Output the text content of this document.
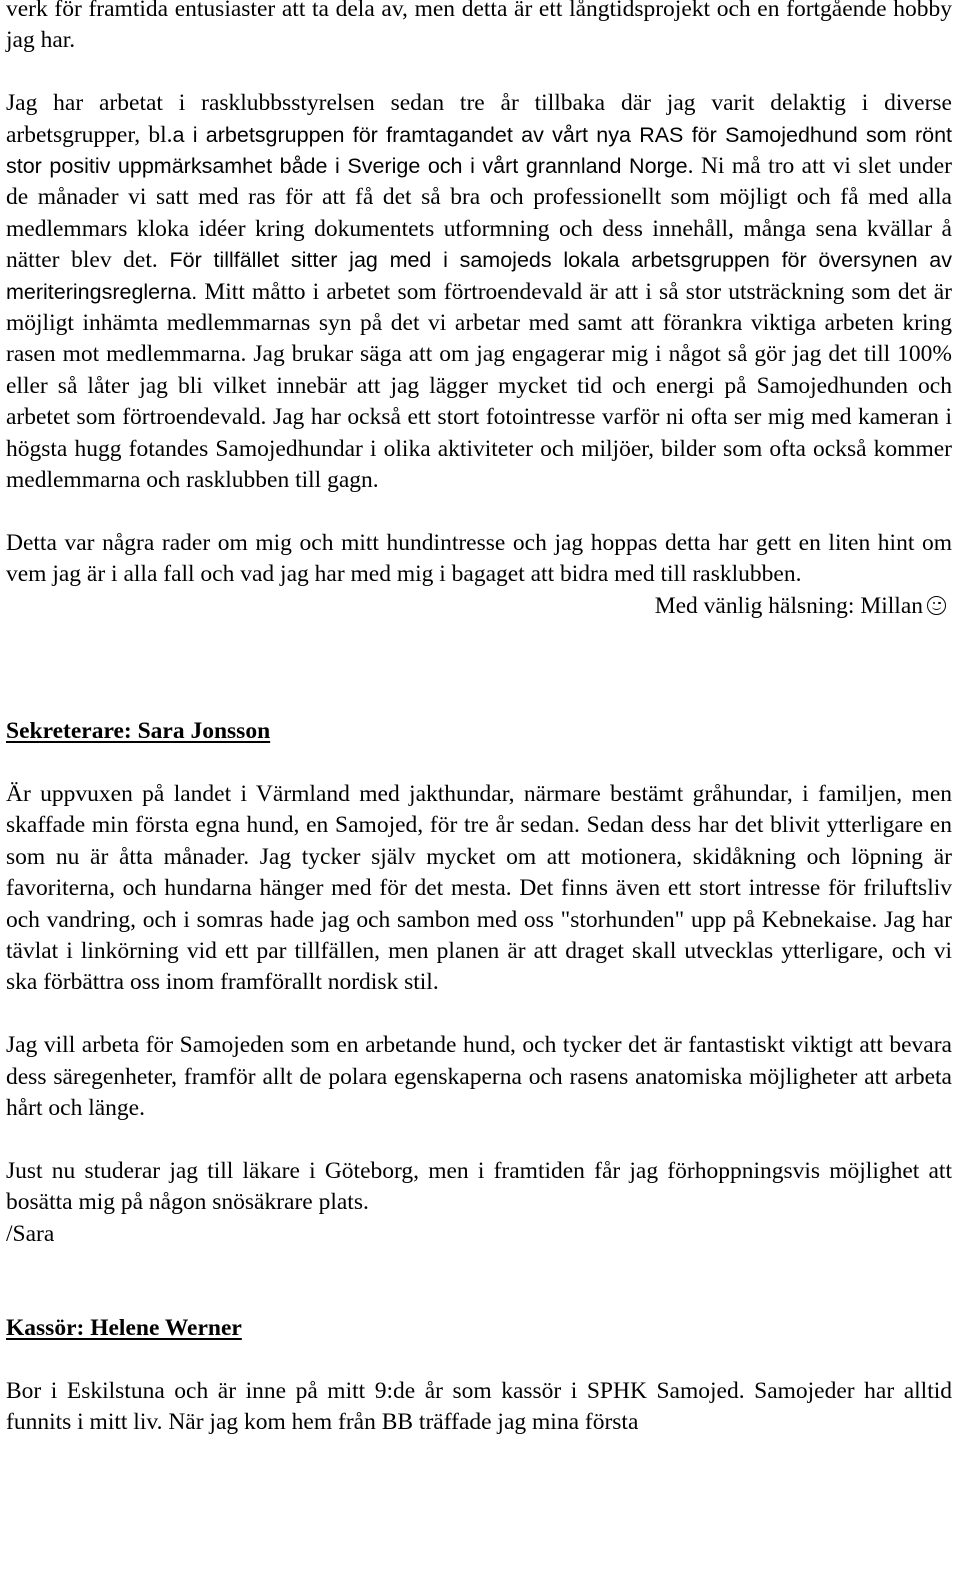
verk för framtida entusiaster att ta dela av, men detta är ett långtidsprojekt och en fortgående hobby jag har.

Jag har arbetat i rasklubbsstyrelsen sedan tre år tillbaka där jag varit delaktig i diverse arbetsgrupper, bl.a i arbetsgruppen för framtagandet av vårt nya RAS för Samojedhund som rönt stor positiv uppmärksamhet både i Sverige och i vårt grannland Norge. Ni må tro att vi slet under de månader vi satt med ras för att få det så bra och professionellt som möjligt och få med alla medlemmars kloka idéer kring dokumentets utformning och dess innehåll, många sena kvällar å nätter blev det. För tillfället sitter jag med i samojeds lokala arbetsgruppen för översynen av meriteringsreglerna. Mitt måtto i arbetet som förtroendevald är att i så stor utsträckning som det är möjligt inhämta medlemmarnas syn på det vi arbetar med samt att förankra viktiga arbeten kring rasen mot medlemmarna. Jag brukar säga att om jag engagerar mig i något så gör jag det till 100% eller så låter jag bli vilket innebär att jag lägger mycket tid och energi på Samojedhunden och arbetet som förtroendevald. Jag har också ett stort fotointresse varför ni ofta ser mig med kameran i högsta hugg fotandes Samojedhundar i olika aktiviteter och miljöer, bilder som ofta också kommer medlemmarna och rasklubben till gagn.

Detta var några rader om mig och mitt hundintresse och jag hoppas detta har gett en liten hint om vem jag är i alla fall och vad jag har med mig i bagaget att bidra med till rasklubben.

Med vänlig hälsning: Millan

Sekreterare: Sara Jonsson

Är uppvuxen på landet i Värmland med jakthundar, närmare bestämt gråhundar, i familjen, men skaffade min första egna hund, en Samojed, för tre år sedan. Sedan dess har det blivit ytterligare en som nu är åtta månader. Jag tycker själv mycket om att motionera, skidåkning och löpning är favoriterna, och hundarna hänger med för det mesta. Det finns även ett stort intresse för friluftsliv och vandring, och i somras hade jag och sambon med oss "storhunden" upp på Kebnekaise. Jag har tävlat i linkörning vid ett par tillfällen, men planen är att draget skall utvecklas ytterligare, och vi ska förbättra oss inom framförallt nordisk stil.

Jag vill arbeta för Samojeden som en arbetande hund, och tycker det är fantastiskt viktigt att bevara dess säregenheter, framför allt de polara egenskaperna och rasens anatomiska möjligheter att arbeta hårt och länge.

Just nu studerar jag till läkare i Göteborg, men i framtiden får jag förhoppningsvis möjlighet att bosätta mig på någon snösäkrare plats.

/Sara

Kassör: Helene Werner

Bor i Eskilstuna och är inne på mitt 9:de år som kassör i SPHK Samojed. Samojeder har alltid funnits i mitt liv. När jag kom hem från BB träffade jag mina första
